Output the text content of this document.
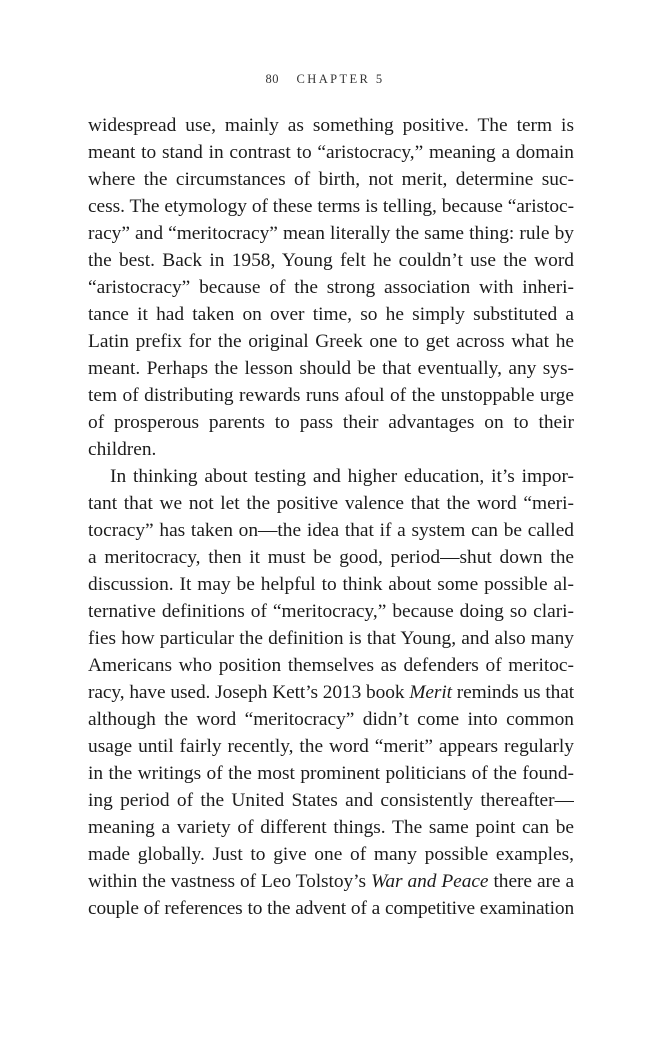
80 CHAPTER 5
widespread use, mainly as something positive. The term is
meant to stand in contrast to “aristocracy,” meaning a domain
where the circumstances of birth, not merit, determine suc-
cess. The etymology of these terms is telling, because “aristoc-
racy” and “meritocracy” mean literally the same thing: rule by
the best. Back in 1958, Young felt he couldn’t use the word
“aristocracy” because of the strong association with inheri-
tance it had taken on over time, so he simply substituted a
Latin prefix for the original Greek one to get across what he
meant. Perhaps the lesson should be that eventually, any sys-
tem of distributing rewards runs afoul of the unstoppable urge
of prosperous parents to pass their advantages on to their
children.
In thinking about testing and higher education, it’s impor-
tant that we not let the positive valence that the word “meri-
tocracy” has taken on—the idea that if a system can be called
a meritocracy, then it must be good, period—shut down the
discussion. It may be helpful to think about some possible al-
ternative definitions of “meritocracy,” because doing so clari-
fies how particular the definition is that Young, and also many
Americans who position themselves as defenders of meritoc-
racy, have used. Joseph Kett’s 2013 book Merit reminds us that
although the word “meritocracy” didn’t come into common
usage until fairly recently, the word “merit” appears regularly
in the writings of the most prominent politicians of the found-
ing period of the United States and consistently thereafter—
meaning a variety of different things. The same point can be
made globally. Just to give one of many possible examples,
within the vastness of Leo Tolstoy’s War and Peace there are a
couple of references to the advent of a competitive examination
